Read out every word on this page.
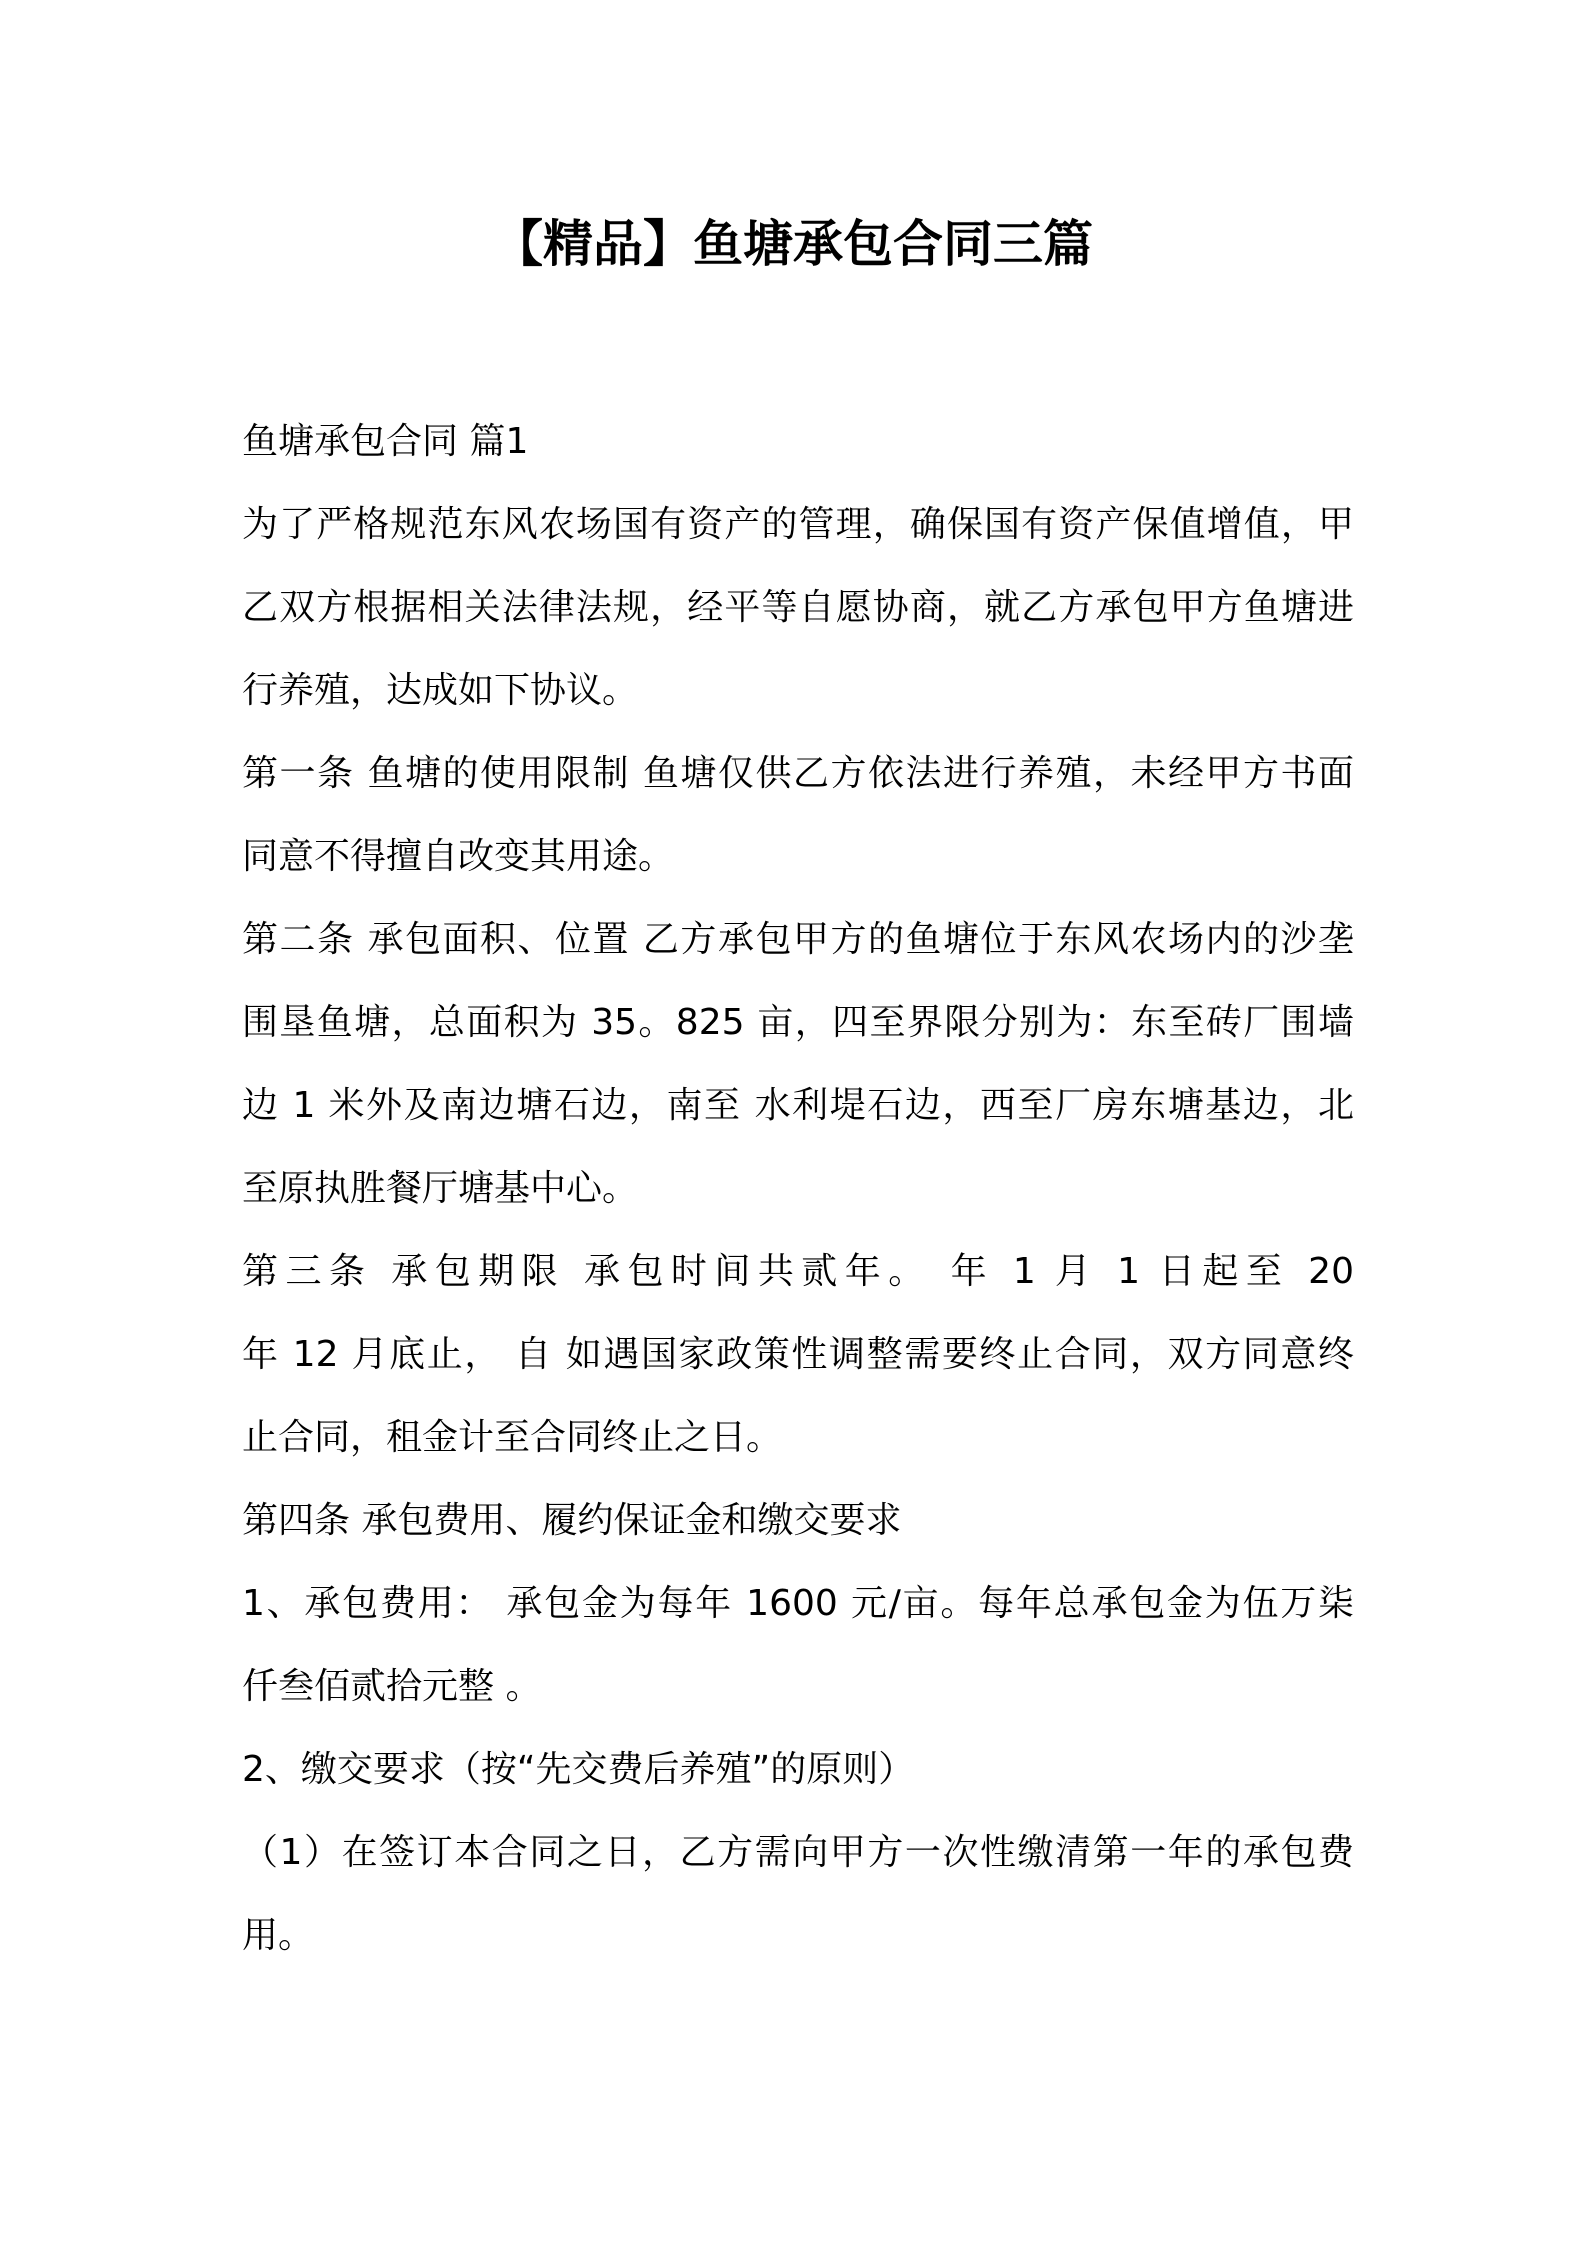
【精品】鱼塘承包合同三篇

鱼塘承包合同 篇1

为了严格规范东风农场国有资产的管理，确保国有资产保值增值，甲

乙双方根据相关法律法规，经平等自愿协商，就乙方承包甲方鱼塘进

行养殖，达成如下协议。

第一条 鱼塘的使用限制 鱼塘仅供乙方依法进行养殖，未经甲方书面

同意不得擅自改变其用途。

第二条 承包面积、位置 乙方承包甲方的鱼塘位于东风农场内的沙垄

围垦鱼塘，总面积为 35。825 亩，四至界限分别为：东至砖厂围墙

边 1 米外及南边塘石边，南至 水利堤石边，西至厂房东塘基边，北

至原执胜餐厅塘基中心。

第三条 承包期限 承包时间共贰年。 年 1 月 1 日起至 20

年 12 月底止， 自 如遇国家政策性调整需要终止合同，双方同意终

止合同，租金计至合同终止之日。

第四条 承包费用、履约保证金和缴交要求

1、承包费用： 承包金为每年 1600 元/亩。每年总承包金为伍万柒

仟叁佰贰拾元整 。

2、缴交要求（按“先交费后养殖”的原则）

（1）在签订本合同之日，乙方需向甲方一次性缴清第一年的承包费

用。
